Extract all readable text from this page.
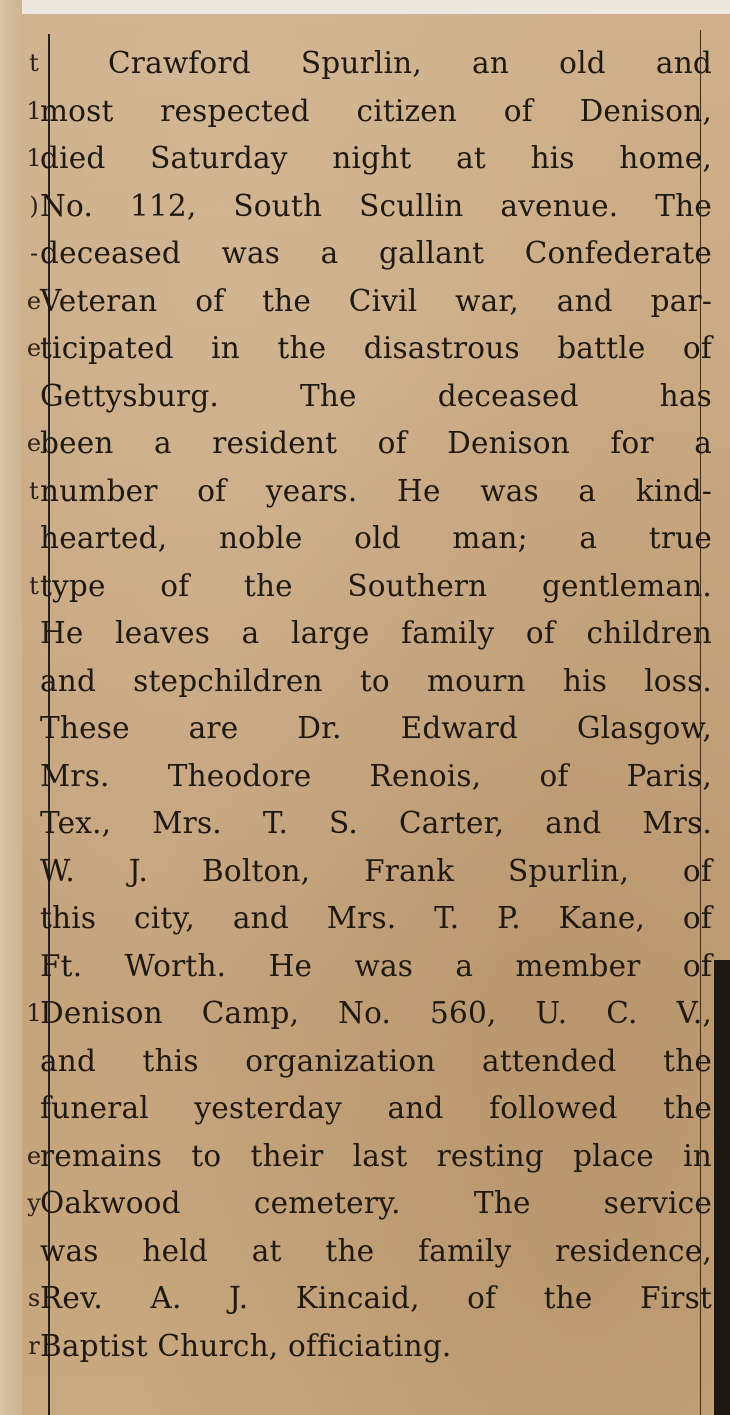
t
1
1
)
-
e
e
e
t
t
1
e
y
s
r
Crawford Spurlin, an old and
most respected citizen of Denison,
died Saturday night at his home,
No. 112, South Scullin avenue. The
deceased was a gallant Confederate
Veteran of the Civil war, and par-
ticipated in the disastrous battle of
Gettysburg. The deceased has
been a resident of Denison for a
number of years. He was a kind-
hearted, noble old man; a true
type of the Southern gentleman.
He leaves a large family of children
and stepchildren to mourn his loss.
These are Dr. Edward Glasgow,
Mrs. Theodore Renois, of Paris,
Tex., Mrs. T. S. Carter, and Mrs.
W. J. Bolton, Frank Spurlin, of
this city, and Mrs. T. P. Kane, of
Ft. Worth. He was a member of
Denison Camp, No. 560, U. C. V.,
and this organization attended the
funeral yesterday and followed the
remains to their last resting place in
Oakwood cemetery. The service
was held at the family residence,
Rev. A. J. Kincaid, of the First
Baptist Church, officiating.
